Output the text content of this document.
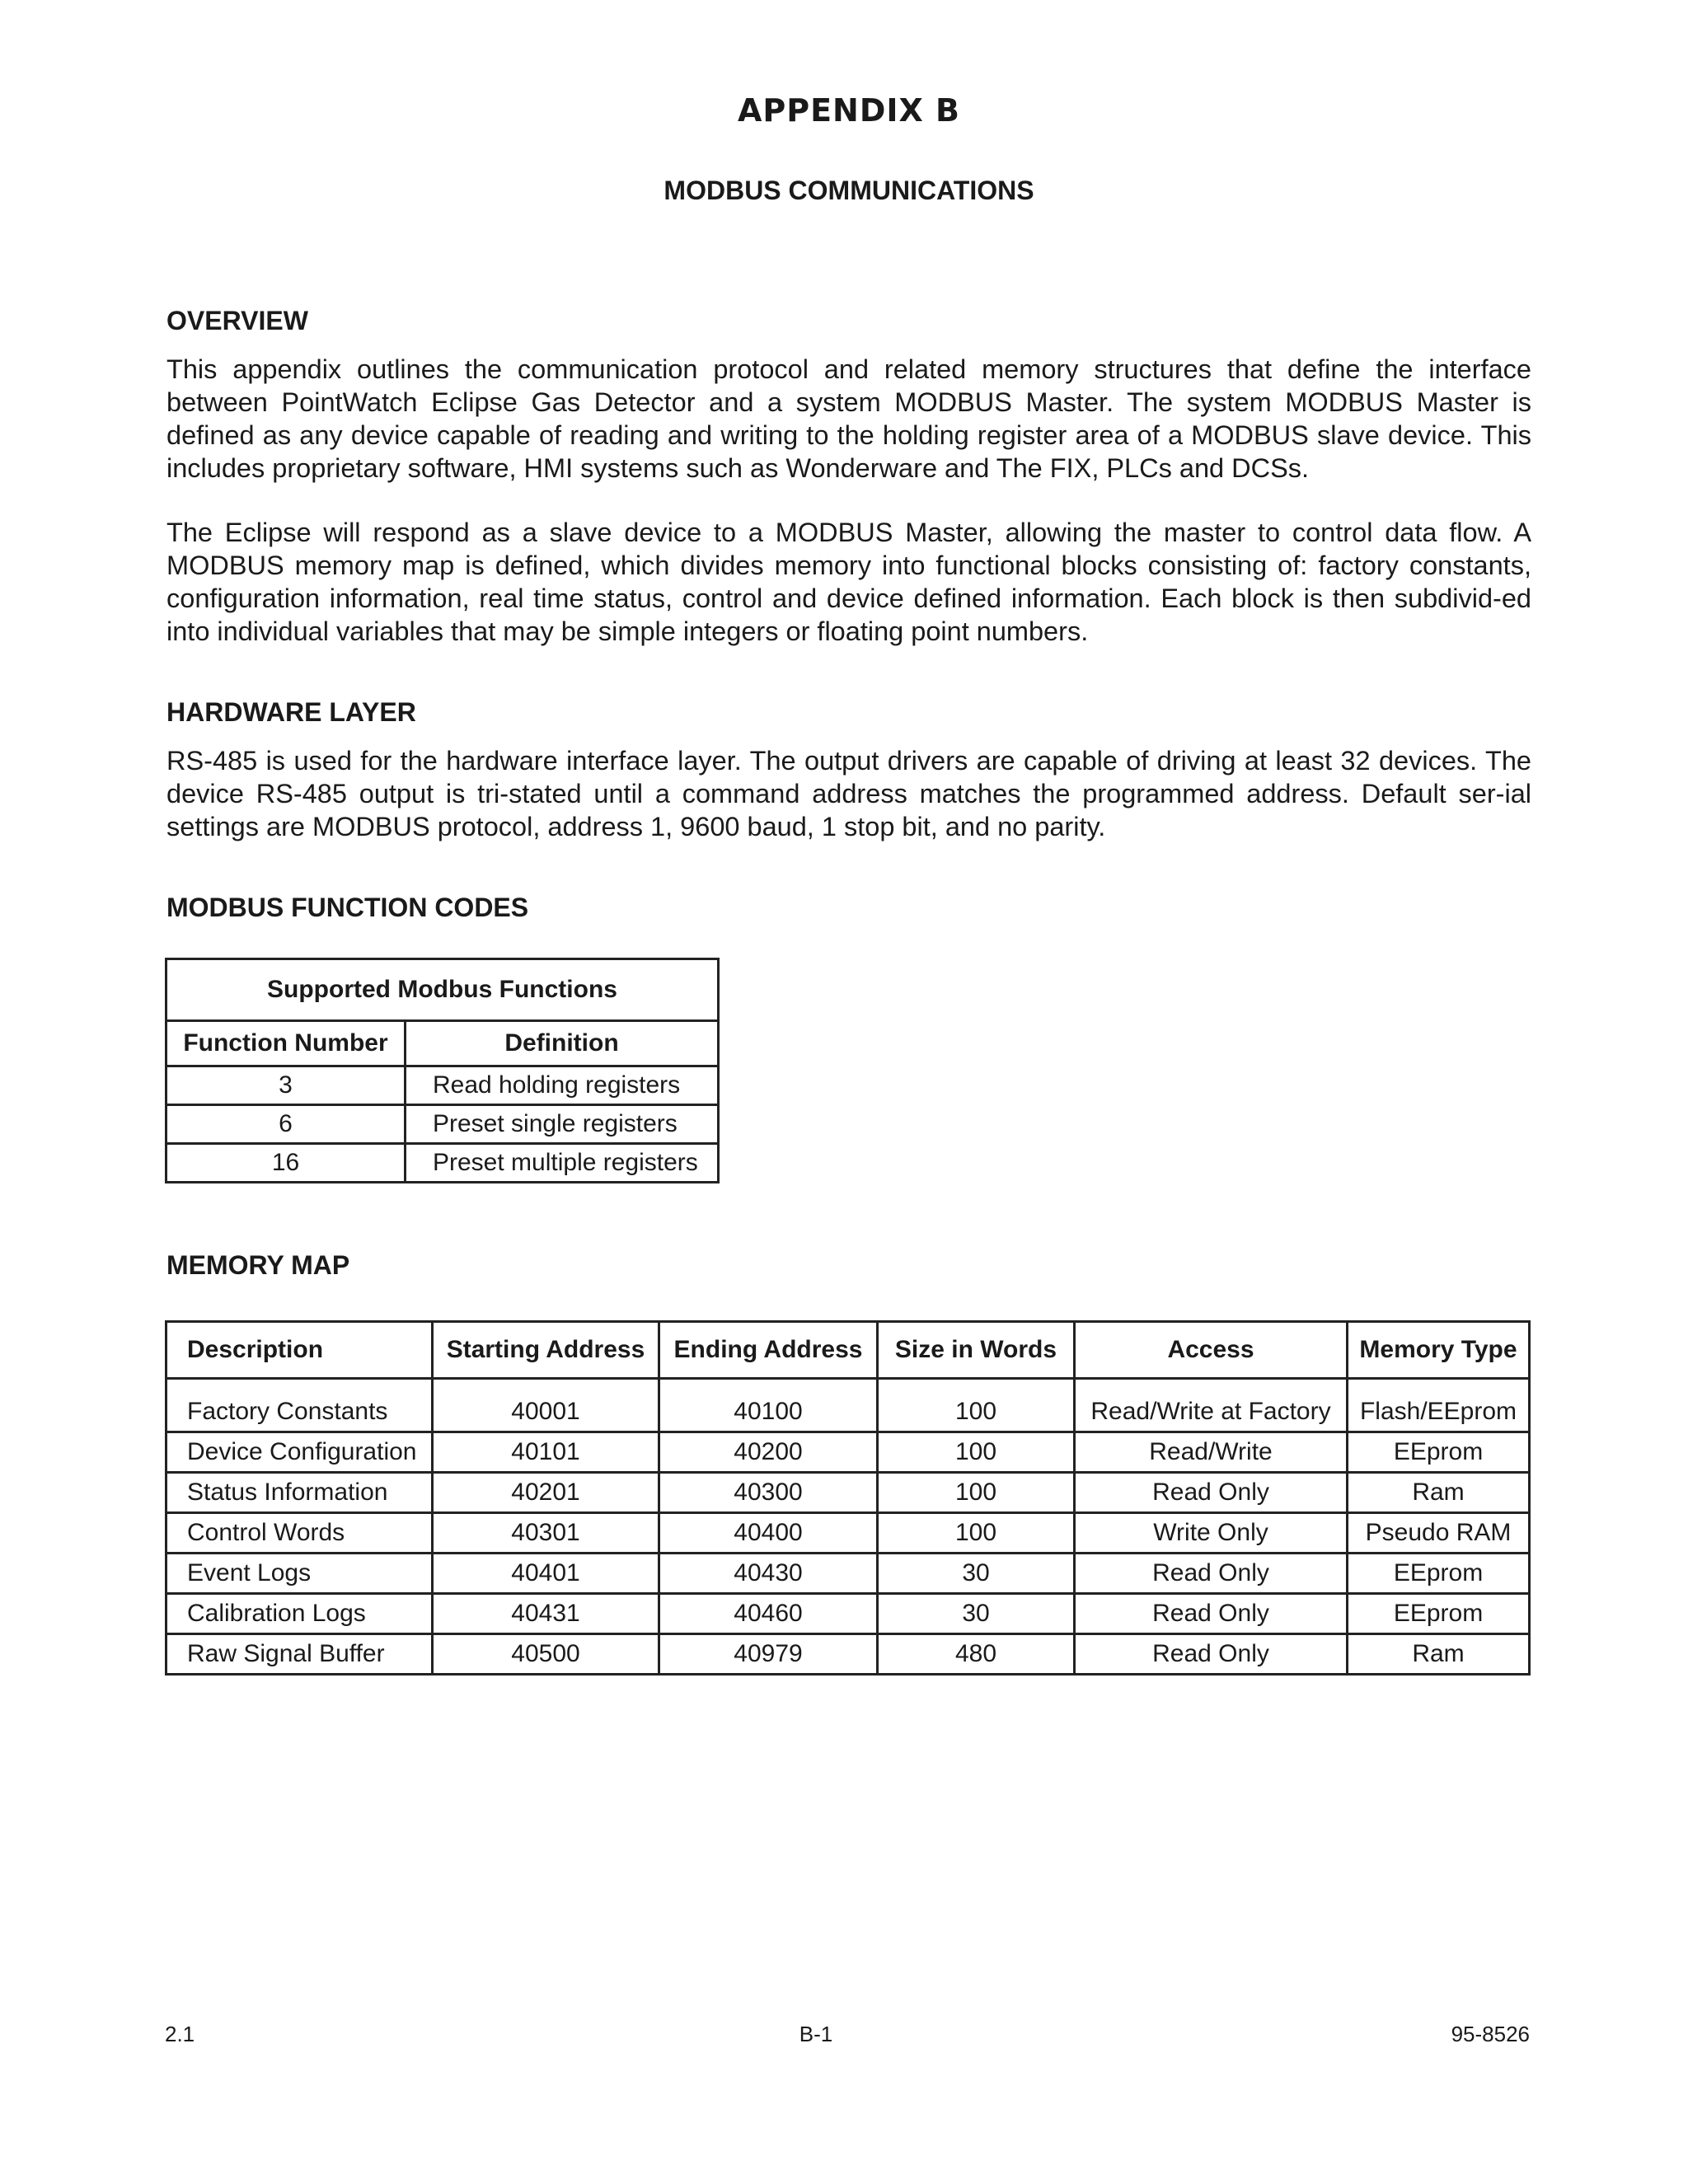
APPENDIX B
MODBUS COMMUNICATIONS
OVERVIEW
This appendix outlines the communication protocol and related memory structures that define the interface between PointWatch Eclipse Gas Detector and a system MODBUS Master. The system MODBUS Master is defined as any device capable of reading and writing to the holding register area of a MODBUS slave device. This includes proprietary software, HMI systems such as Wonderware and The FIX, PLCs and DCSs.
The Eclipse will respond as a slave device to a MODBUS Master, allowing the master to control data flow. A MODBUS memory map is defined, which divides memory into functional blocks consisting of: factory constants, configuration information, real time status, control and device defined information. Each block is then subdivid-ed into individual variables that may be simple integers or floating point numbers.
HARDWARE LAYER
RS-485 is used for the hardware interface layer. The output drivers are capable of driving at least 32 devices. The device RS-485 output is tri-stated until a command address matches the programmed address. Default ser-ial settings are MODBUS protocol, address 1, 9600 baud, 1 stop bit, and no parity.
MODBUS FUNCTION CODES
Supported Modbus Functions	
Function Number	Definition
3	Read holding registers
6	Preset single registers
16	Preset multiple registers
MEMORY MAP
Description	Starting Address	Ending Address	Size in Words	Access	Memory Type
Factory Constants	40001	40100	100	Read/Write at Factory	Flash/EEprom
Device Configuration	40101	40200	100	Read/Write	EEprom
Status Information	40201	40300	100	Read Only	Ram
Control Words	40301	40400	100	Write Only	Pseudo RAM
Event Logs	40401	40430	30	Read Only	EEprom
Calibration Logs	40431	40460	30	Read Only	EEprom
Raw Signal Buffer	40500	40979	480	Read Only	Ram
2.1	B-1	95-8526
